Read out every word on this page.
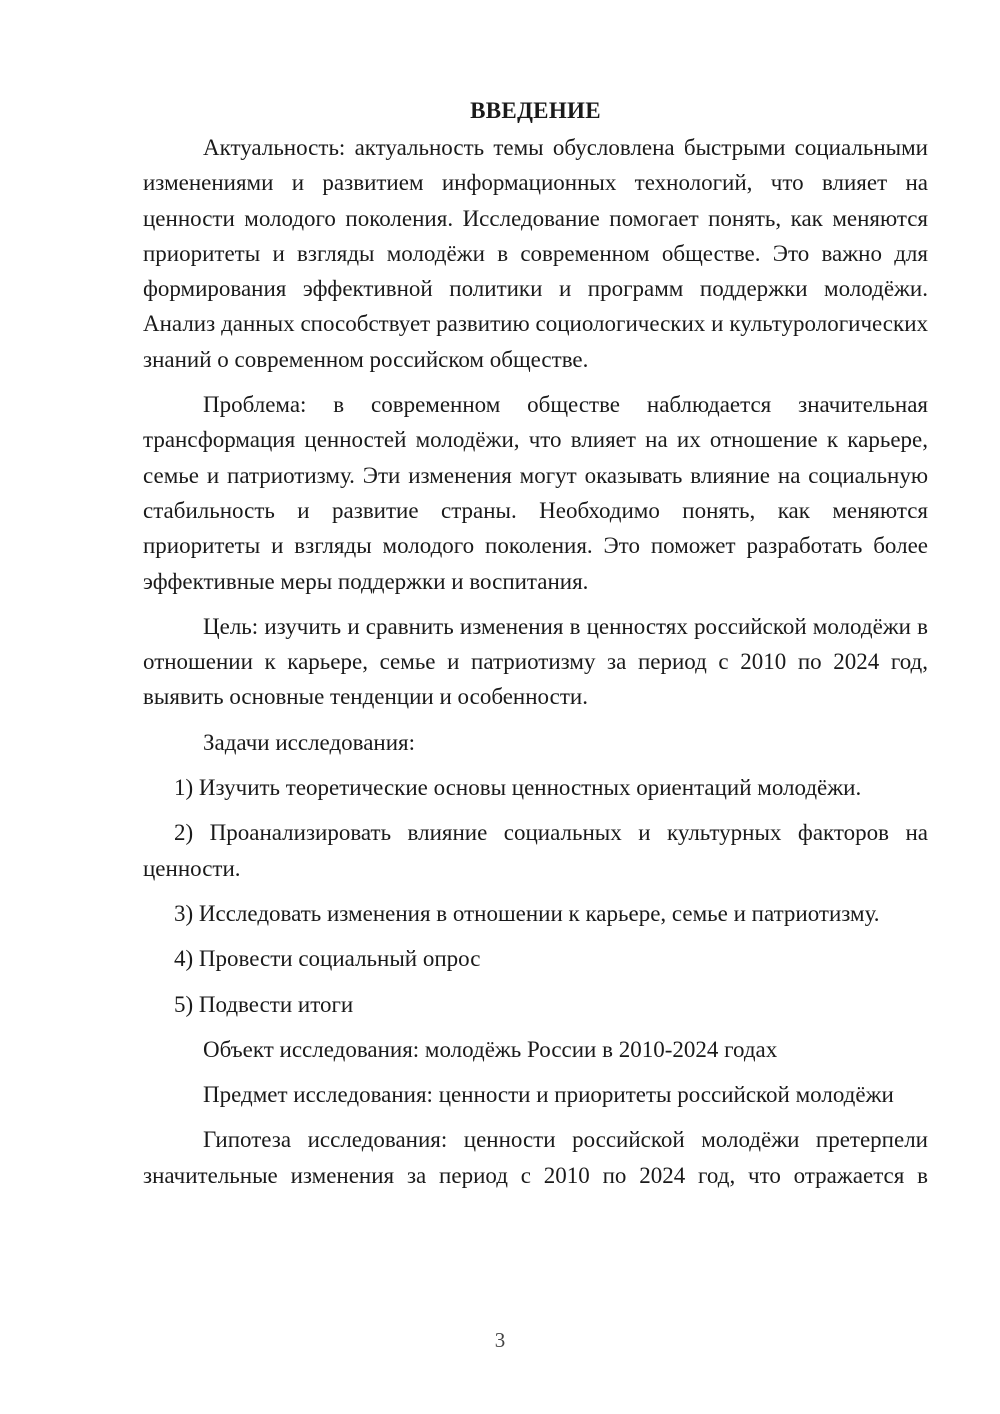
ВВЕДЕНИЕ

Актуальность: актуальность темы обусловлена быстрыми социальными изменениями и развитием информационных технологий, что влияет на ценности молодого поколения. Исследование помогает понять, как меняются приоритеты и взгляды молодёжи в современном обществе. Это важно для формирования эффективной политики и программ поддержки молодёжи. Анализ данных способствует развитию социологических и культурологических знаний о современном российском обществе.

Проблема: в современном обществе наблюдается значительная трансформация ценностей молодёжи, что влияет на их отношение к карьере, семье и патриотизму. Эти изменения могут оказывать влияние на социальную стабильность и развитие страны. Необходимо понять, как меняются приоритеты и взгляды молодого поколения. Это поможет разработать более эффективные меры поддержки и воспитания.

Цель: изучить и сравнить изменения в ценностях российской молодёжи в отношении к карьере, семье и патриотизму за период с 2010 по 2024 год, выявить основные тенденции и особенности.

Задачи исследования:

1) Изучить теоретические основы ценностных ориентаций молодёжи.

2) Проанализировать влияние социальных и культурных факторов на ценности.

3) Исследовать изменения в отношении к карьере, семье и патриотизму.

4) Провести социальный опрос

5) Подвести итоги

Объект исследования: молодёжь России в 2010-2024 годах

Предмет исследования: ценности и приоритеты российской молодёжи

Гипотеза исследования: ценности российской молодёжи претерпели значительные изменения за период с 2010 по 2024 год, что отражается в

3
